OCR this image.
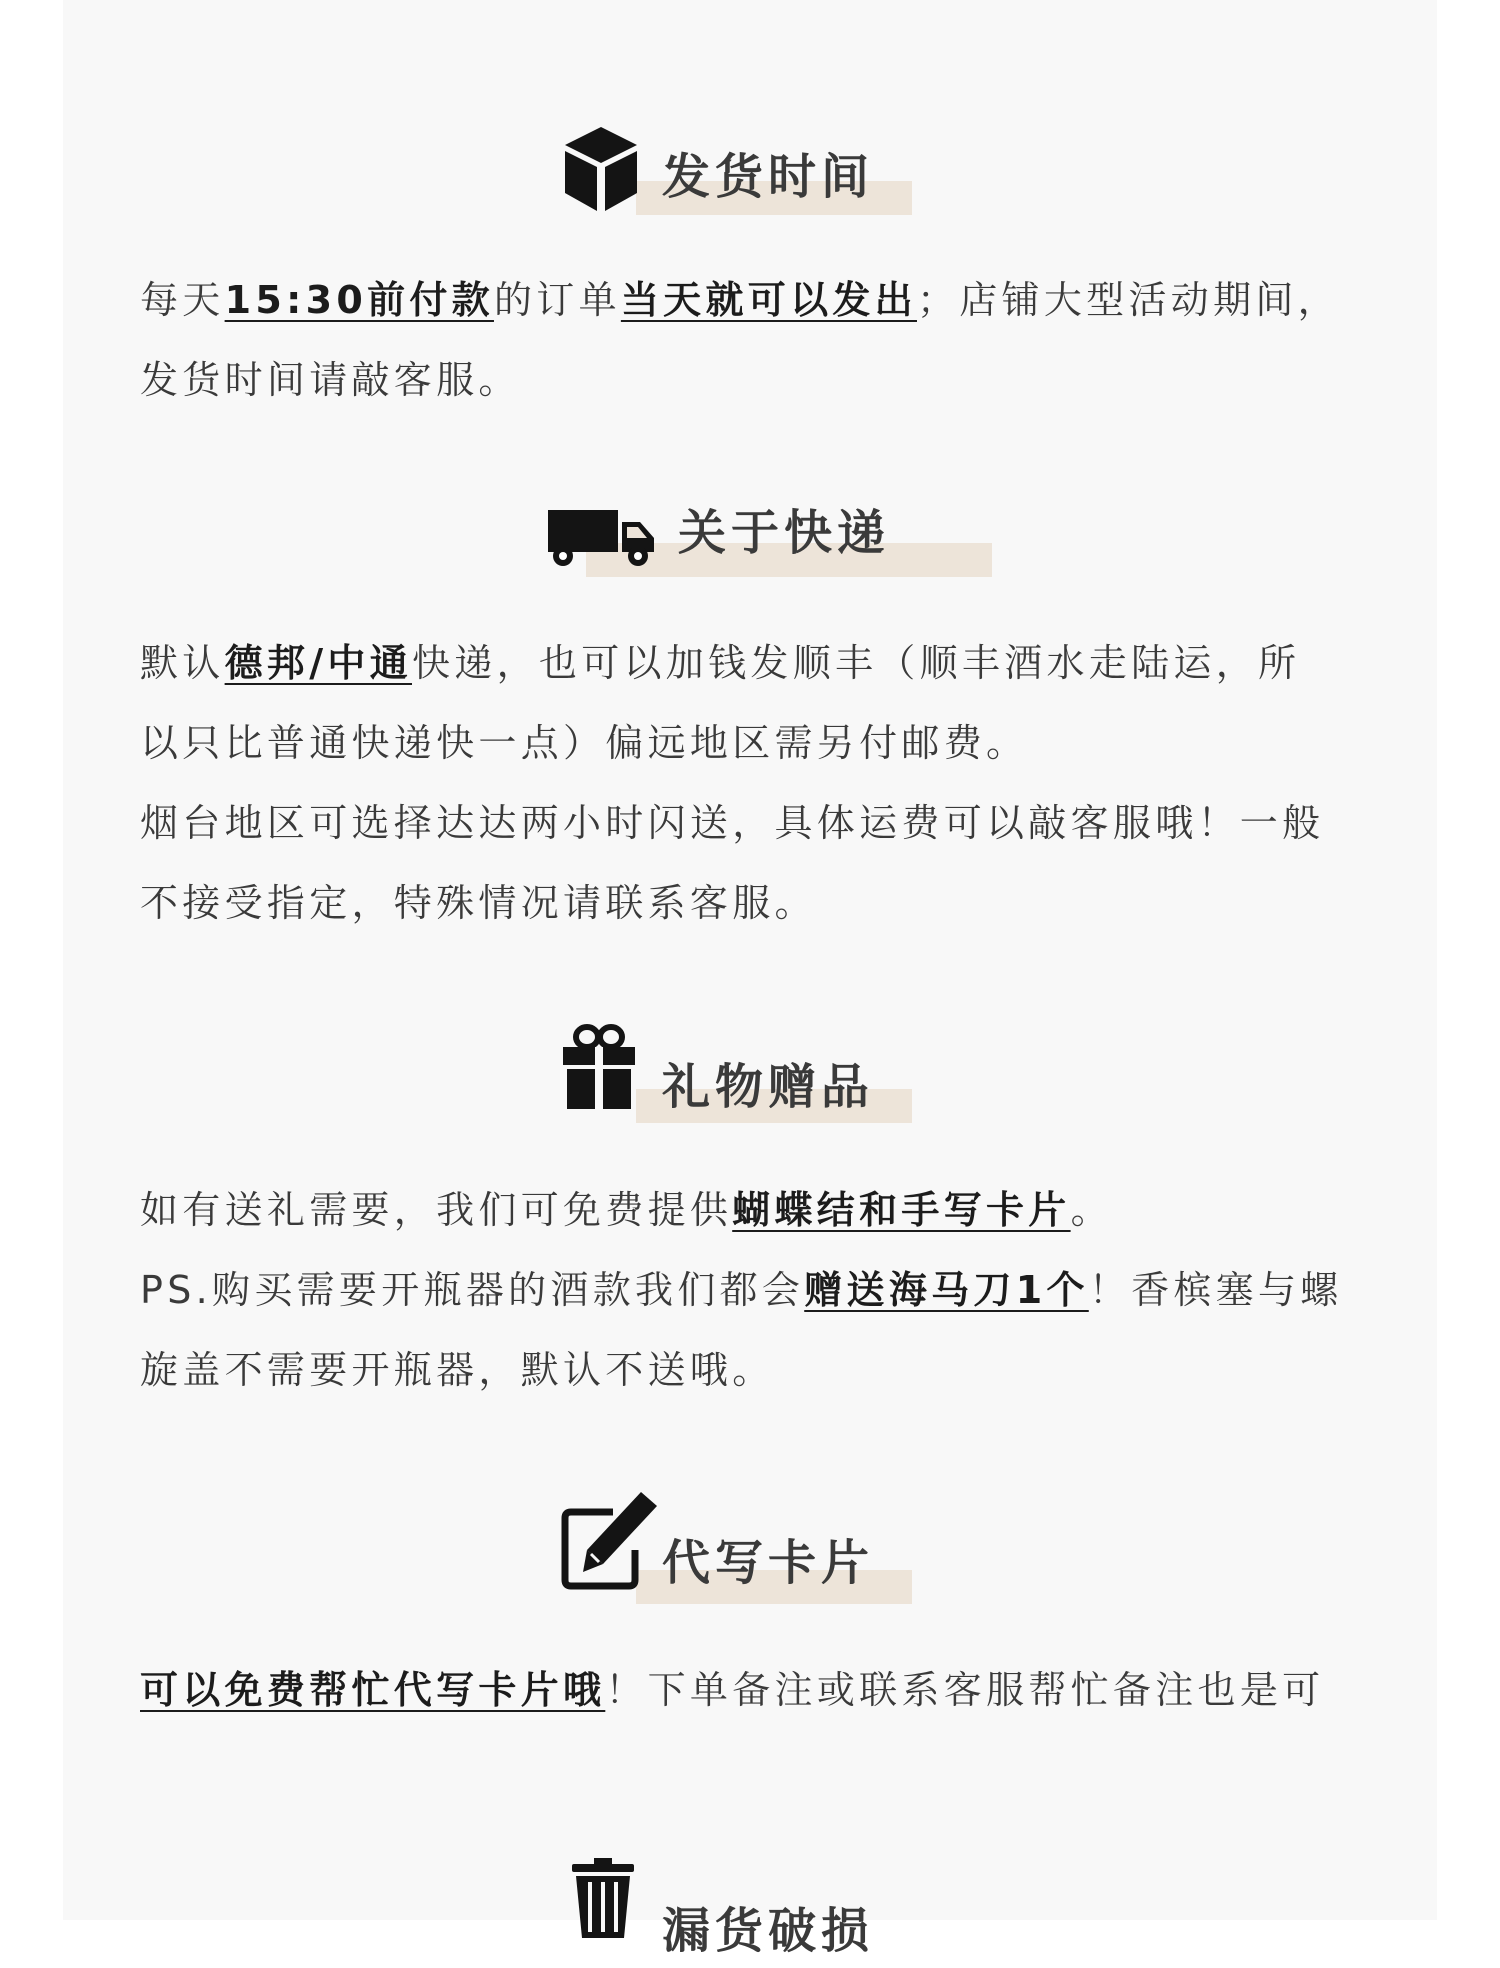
发货时间
每天15:30前付款的订单当天就可以发出；店铺大型活动期间，
发货时间请敲客服。
关于快递
默认德邦/中通快递，也可以加钱发顺丰（顺丰酒水走陆运，所
以只比普通快递快一点）偏远地区需另付邮费。
烟台地区可选择达达两小时闪送，具体运费可以敲客服哦！一般
不接受指定，特殊情况请联系客服。
礼物赠品
如有送礼需要，我们可免费提供蝴蝶结和手写卡片。
PS.购买需要开瓶器的酒款我们都会赠送海马刀1个！香槟塞与螺
旋盖不需要开瓶器，默认不送哦。
代写卡片
可以免费帮忙代写卡片哦！下单备注或联系客服帮忙备注也是可
漏货破损
